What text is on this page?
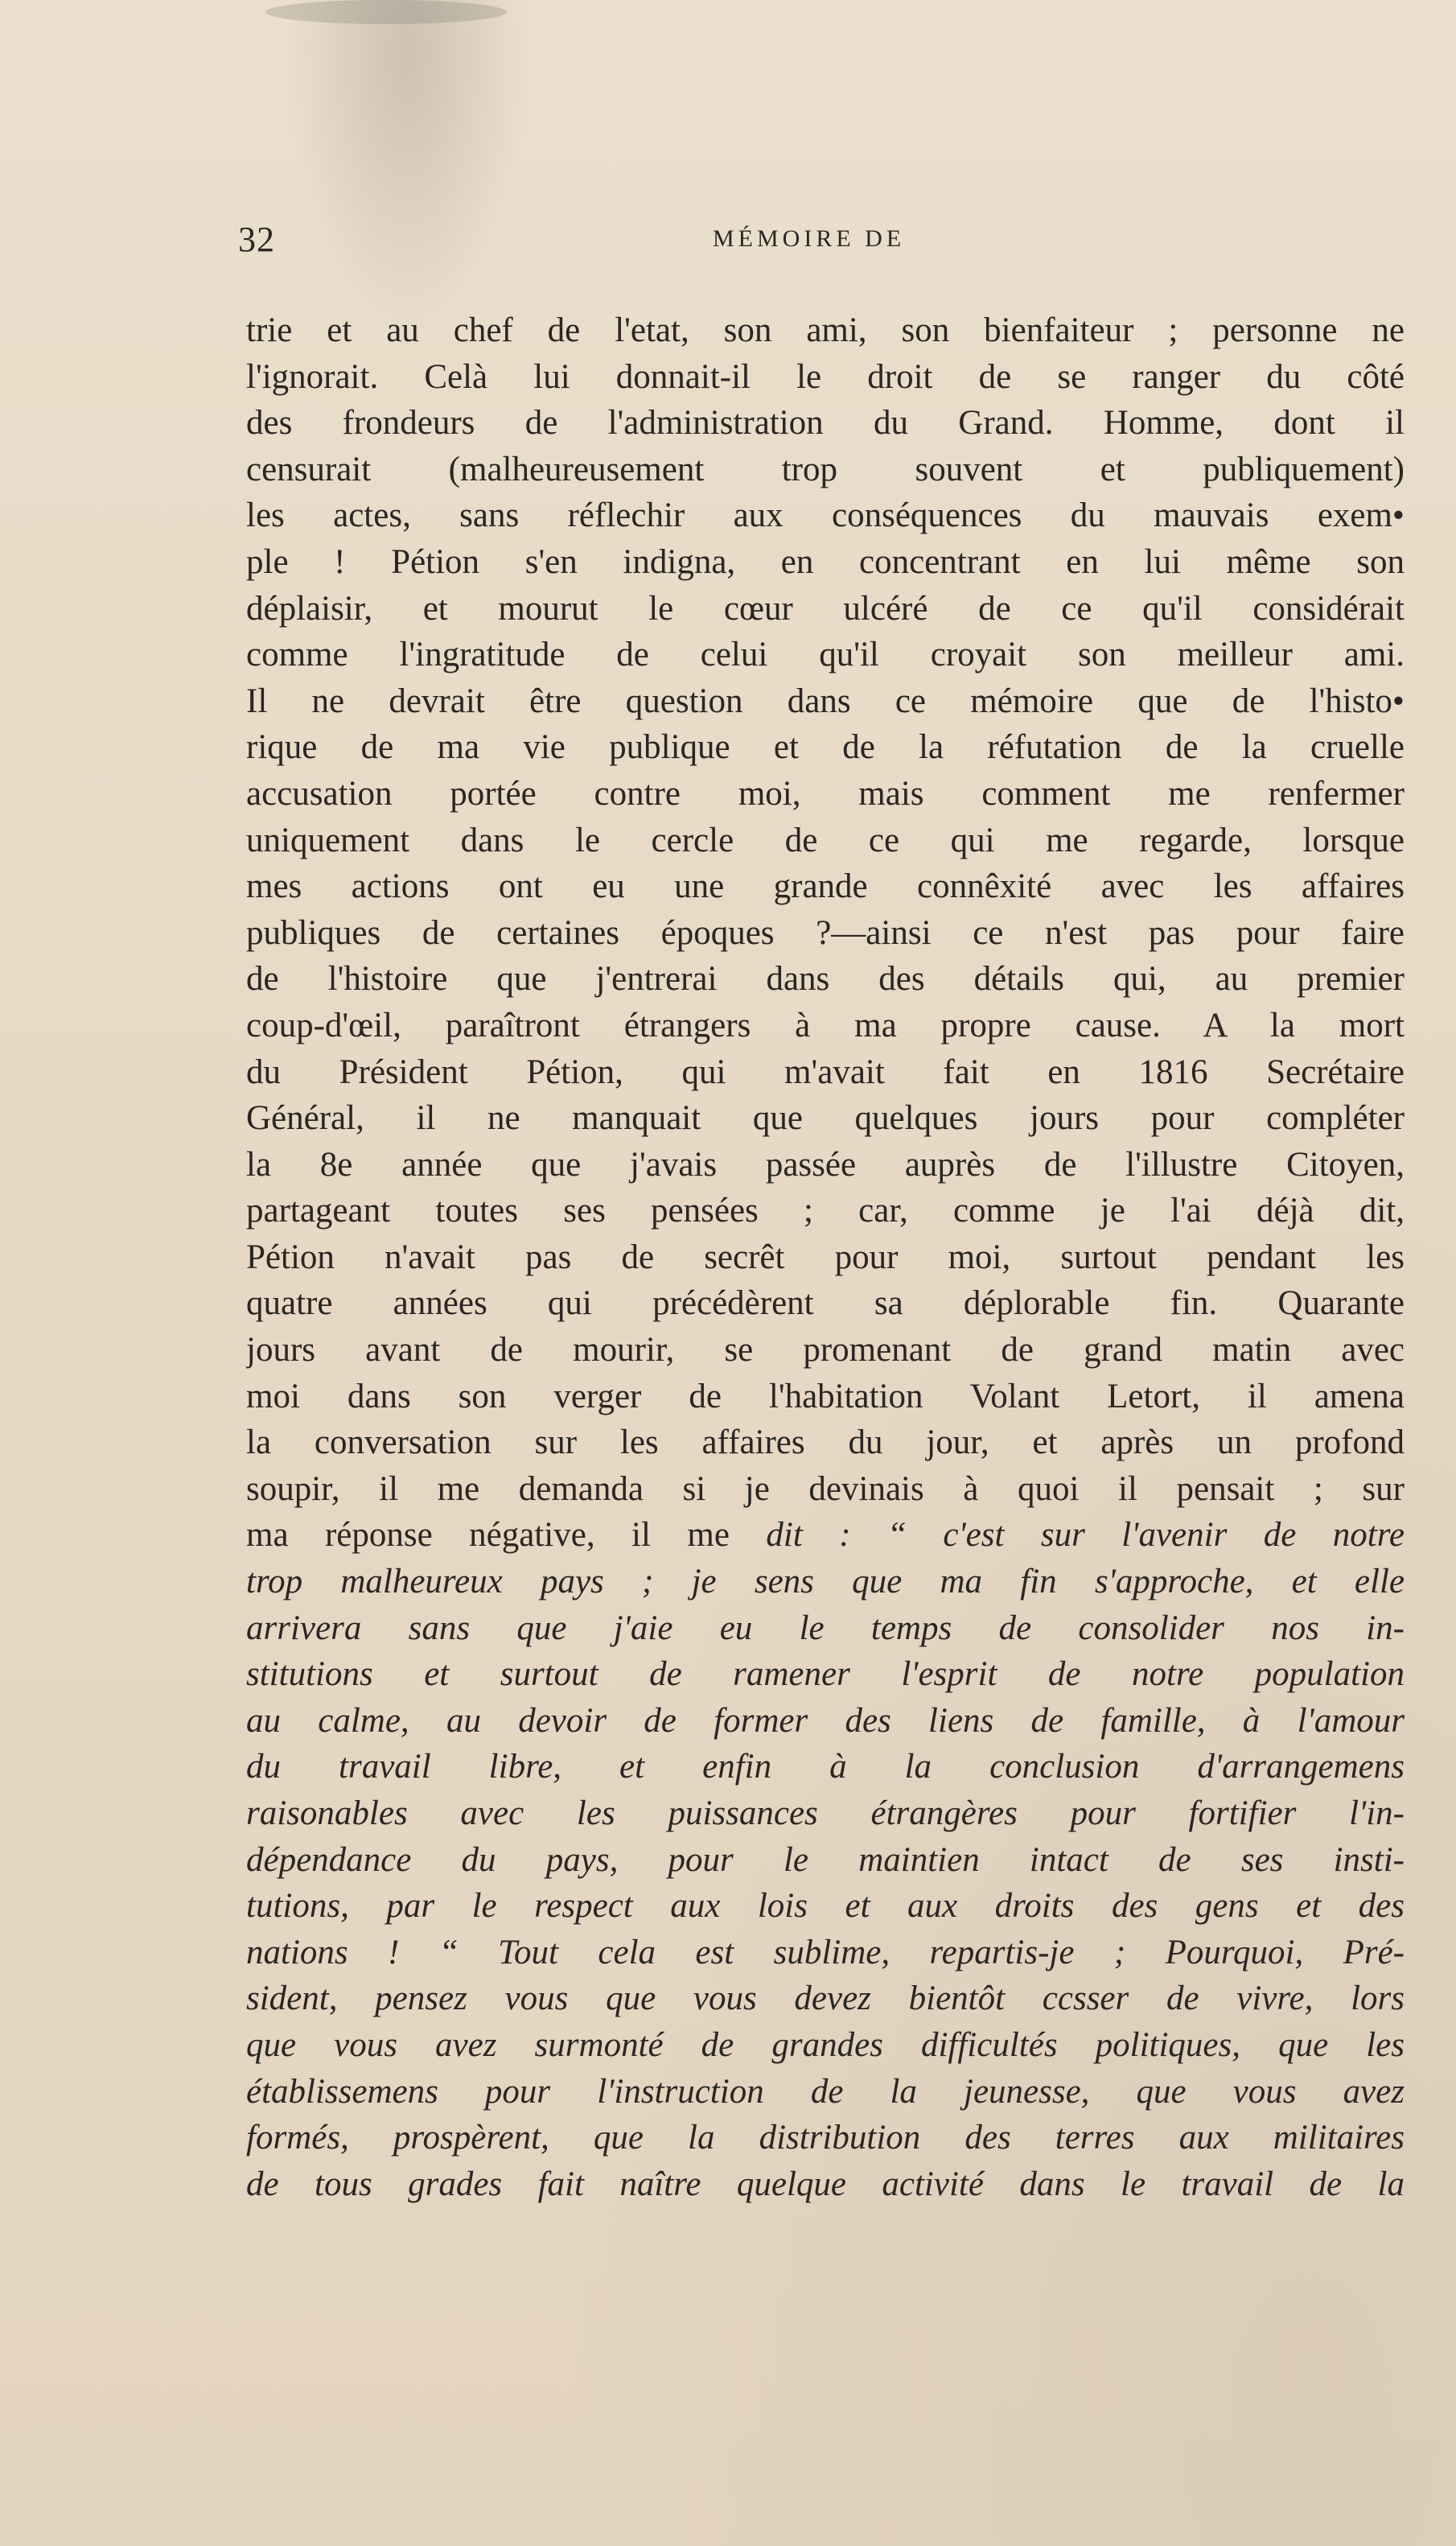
32	MÉMOIRE DE
trie et au chef de l'etat, son ami, son bienfaiteur ; personne ne
l'ignorait. Celà lui donnait-il le droit de se ranger du côté
des frondeurs de l'administration du Grand. Homme, dont il
censurait (malheureusement trop souvent et publiquement)
les actes, sans réflechir aux conséquences du mauvais exem•
ple ! Pétion s'en indigna, en concentrant en lui même son
déplaisir, et mourut le cœur ulcéré de ce qu'il considérait
comme l'ingratitude de celui qu'il croyait son meilleur ami.
Il ne devrait être question dans ce mémoire que de l'histo•
rique de ma vie publique et de la réfutation de la cruelle
accusation portée contre moi, mais comment me renfermer
uniquement dans le cercle de ce qui me regarde, lorsque
mes actions ont eu une grande connêxité avec les affaires
publiques de certaines époques ?—ainsi ce n'est pas pour faire
de l'histoire que j'entrerai dans des détails qui, au premier
coup-d'œil, paraîtront étrangers à ma propre cause. A la mort
du Président Pétion, qui m'avait fait en 1816 Secrétaire
Général, il ne manquait que quelques jours pour compléter
la 8e année que j'avais passée auprès de l'illustre Citoyen,
partageant toutes ses pensées ; car, comme je l'ai déjà dit,
Pétion n'avait pas de secrêt pour moi, surtout pendant les
quatre années qui précédèrent sa déplorable fin. Quarante
jours avant de mourir, se promenant de grand matin avec
moi dans son verger de l'habitation Volant Letort, il amena
la conversation sur les affaires du jour, et après un profond
soupir, il me demanda si je devinais à quoi il pensait ; sur
ma réponse négative, il me dit : “ c'est sur l'avenir de notre
trop malheureux pays ; je sens que ma fin s'approche, et elle
arrivera sans que j'aie eu le temps de consolider nos in-
stitutions et surtout de ramener l'esprit de notre population
au calme, au devoir de former des liens de famille, à l'amour
du travail libre, et enfin à la conclusion d'arrangemens
raisonables avec les puissances étrangères pour fortifier l'in-
dépendance du pays, pour le maintien intact de ses insti-
tutions, par le respect aux lois et aux droits des gens et des
nations ! “ Tout cela est sublime, repartis-je ; Pourquoi, Pré-
sident, pensez vous que vous devez bientôt ccsser de vivre, lors
que vous avez surmonté de grandes difficultés politiques, que les
établissemens pour l'instruction de la jeunesse, que vous avez
formés, prospèrent, que la distribution des terres aux militaires
de tous grades fait naître quelque activité dans le travail de la
